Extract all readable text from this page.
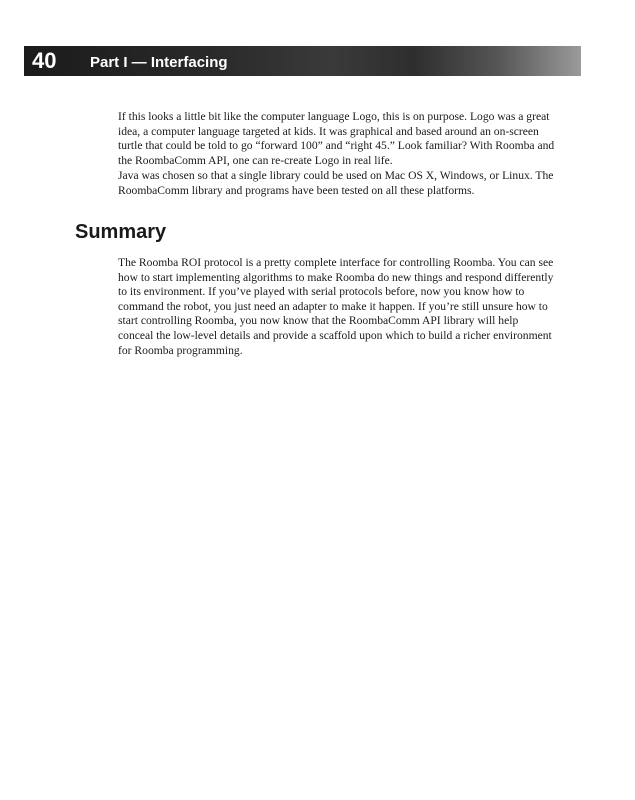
40 Part I — Interfacing

If this looks a little bit like the computer language Logo, this is on purpose. Logo was a great idea, a computer language targeted at kids. It was graphical and based around an on-screen turtle that could be told to go “forward 100” and “right 45.” Look familiar? With Roomba and the RoombaComm API, one can re-create Logo in real life.

Java was chosen so that a single library could be used on Mac OS X, Windows, or Linux. The RoombaComm library and programs have been tested on all these platforms.

Summary

The Roomba ROI protocol is a pretty complete interface for controlling Roomba. You can see how to start implementing algorithms to make Roomba do new things and respond differently to its environment. If you’ve played with serial protocols before, now you know how to command the robot, you just need an adapter to make it happen. If you’re still unsure how to start controlling Roomba, you now know that the RoombaComm API library will help conceal the low-level details and provide a scaffold upon which to build a richer environment for Roomba programming.
